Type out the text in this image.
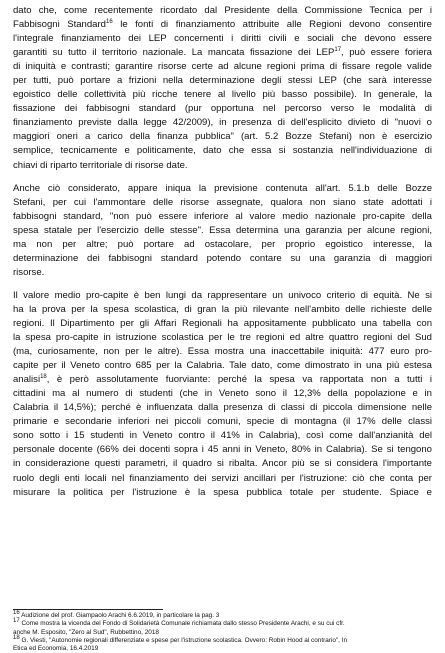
dato che, come recentemente ricordato dal Presidente della Commissione Tecnica per i
Fabbisogni Standard$^{16}$ le fonti di finanziamento attribuite alle Regioni devono consentire
l'integrale finanziamento dei LEP concernenti i diritti civili e sociali che devono essere
garantiti su tutto il territorio nazionale. La mancata fissazione dei LEP$^{17}$, può essere foriera
di iniquità e contrasti; garantire risorse certe ad alcune regioni prima di fissare regole valide
per tutti, può portare a frizioni nella determinazione degli stessi LEP (che sarà interesse
egoistico delle collettività più ricche tenere al livello più basso possibile). In generale, la
fissazione dei fabbisogni standard (pur opportuna nel percorso verso le modalità di
finanziamento previste dalla legge 42/2009), in presenza di dell'esplicito divieto di "nuovi o
maggiori oneri a carico della finanza pubblica" (art. 5.2 Bozze Stefani) non è esercizio
semplice, tecnicamente e politicamente, dato che essa si sostanzia nell'individuazione di
chiavi di riparto territoriale di risorse date.

Anche ciò considerato, appare iniqua la previsione contenuta all'art. 5.1.b delle Bozze
Stefani, per cui l'ammontare delle risorse assegnate, qualora non siano state adottati i
fabbisogni standard, "non può essere inferiore al valore medio nazionale pro-capite della
spesa statale per l'esercizio delle stesse". Essa determina una garanzia per alcune regioni,
ma non per altre; può portare ad ostacolare, per proprio egoistico interesse, la
determinazione dei fabbisogni standard potendo contare su una garanzia di maggiori
risorse.

Il valore medio pro-capite è ben lungi da rappresentare un univoco criterio di equità. Ne si
ha la prova per la spesa scolastica, di gran la più rilevante nell'ambito delle richieste delle
regioni. Il Dipartimento per gli Affari Regionali ha appositamente pubblicato una tabella con
la spesa pro-capite in istruzione scolastica per le tre regioni ed altre quattro regioni del Sud
(ma, curiosamente, non per le altre). Essa mostra una inaccettabile iniquità: 477 euro pro-
capite per il Veneto contro 685 per la Calabria. Tale dato, come dimostrato in una più estesa
analisi$^{18}$, è però assolutamente fuorviante: perché la spesa va rapportata non a tutti i
cittadini ma al numero di studenti (che in Veneto sono il 12,3% della popolazione e in
Calabria il 14,5%); perché è influenzata dalla presenza di classi di piccola dimensione nelle
primarie e secondarie inferiori nei piccoli comuni, specie di montagna (il 17% delle classi
sono sotto i 15 studenti in Veneto contro il 41% in Calabria), così come dall'anzianità del
personale docente (66% dei docenti sopra i 45 anni in Veneto, 80% in Calabria). Se si tengono
in considerazione questi parametri, il quadro si ribalta. Ancor più se si considera l'importante
ruolo degli enti locali nel finanziamento dei servizi ancillari per l'istruzione: ciò che conta per
misurare la politica per l'istruzione è la spesa pubblica totale per studente. Spiace e

$^{16}$ Audizione del prof. Giampaolo Arachi 6.6.2019, in particolare la pag. 3
$^{17}$ Come mostra la vicenda del Fondo di Solidarietà Comunale richiamata dallo stesso Presidente Arachi, e su cui cfr.
anche M. Esposito, "Zero al Sud", Rubbettino, 2018
$^{18}$ G. Viesti, "Autonomie regionali differenziate e spese per l'istruzione scolastica. Ovvero: Robin Hood al contrario", In
Etica ed Economia, 16.4.2019
